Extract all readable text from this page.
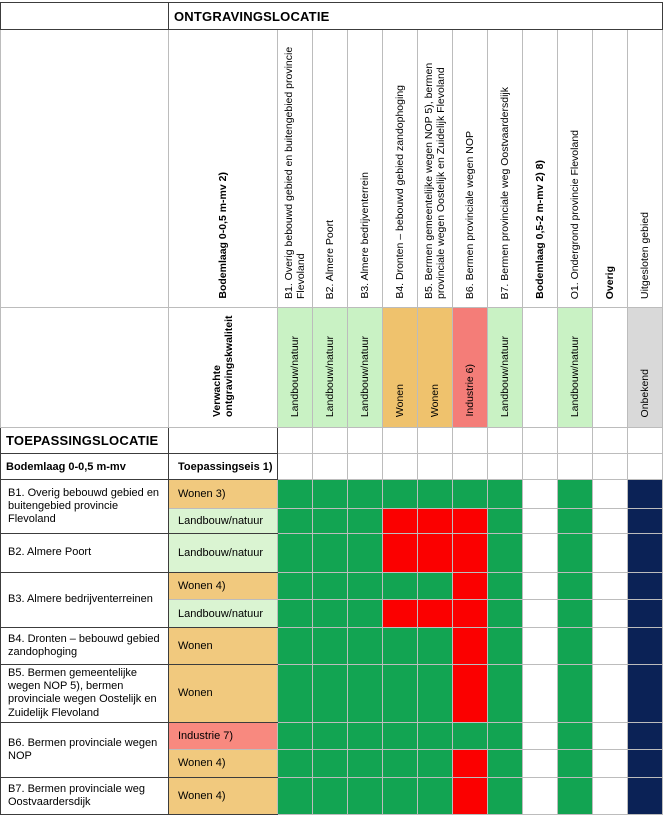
	ONTGRAVINGSLOCATIE											
	Bodemlaag 0-0,5 m-mv 2)	B1. Overig bebouwd gebied en buitengebied provincie Flevoland	B2. Almere Poort	B3. Almere bedrijventerrein	B4. Dronten – bebouwd gebied zandophoging	B5. Bermen gemeentelijke wegen NOP 5), bermen provinciale wegen Oostelijk en Zuidelijk Flevoland	B6. Bermen provinciale wegen NOP	B7. Bermen provinciale weg Oostvaardersdijk	Bodemlaag 0,5-2 m-mv 2) 8)	O1. Ondergrond provincie Flevoland	Overig	Uitgesloten gebied
	Verwachte ontgravingskwaliteit	Landbouw/natuur	Landbouw/natuur	Landbouw/natuur	Wonen	Wonen	Industrie 6)	Landbouw/natuur		Landbouw/natuur		Onbekend
TOEPASSINGSLOCATIE												
Bodemlaag 0-0,5 m-mv	Toepassingseis 1)											
B1. Overig bebouwd gebied en buitengebied provincie Flevoland	Wonen 3)											
	Landbouw/natuur											
B2. Almere Poort	Landbouw/natuur											
B3. Almere bedrijventerreinen	Wonen 4)											
	Landbouw/natuur											
B4. Dronten – bebouwd gebied zandophoging	Wonen											
B5. Bermen gemeentelijke wegen NOP 5), bermen provinciale wegen Oostelijk en Zuidelijk Flevoland	Wonen											
B6. Bermen provinciale wegen NOP	Industrie 7)											
	Wonen 4)											
B7. Bermen provinciale weg Oostvaardersdijk	Wonen 4)											
